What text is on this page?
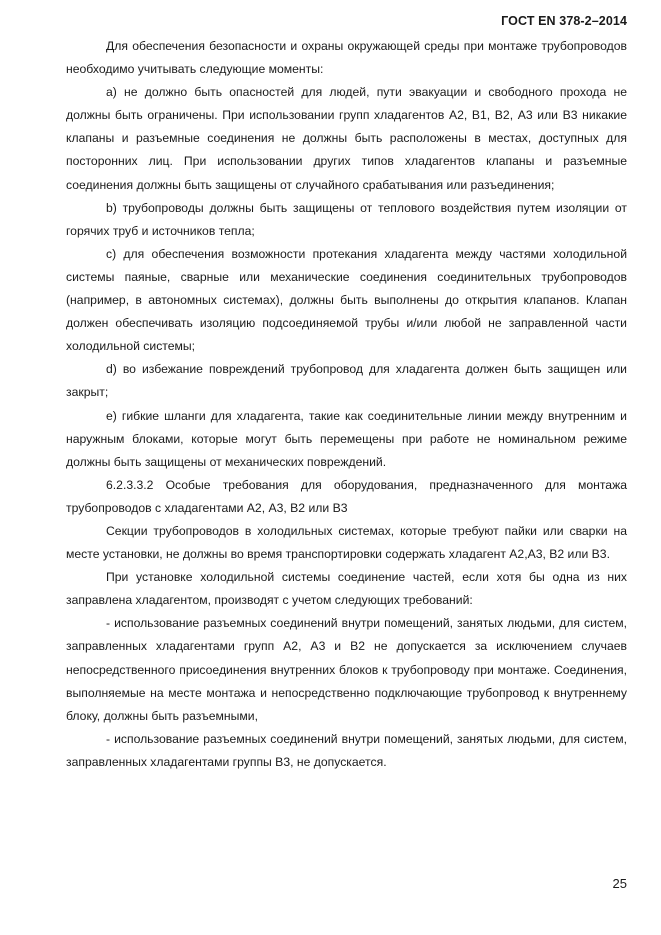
ГОСТ EN 378-2–2014

Для обеспечения безопасности и охраны окружающей среды при монтаже трубопроводов необходимо учитывать следующие моменты:

a) не должно быть опасностей для людей, пути эвакуации и свободного прохода не должны быть ограничены. При использовании групп хладагентов А2, В1, В2, А3 или В3 никакие клапаны и разъемные соединения не должны быть расположены в местах, доступных для посторонних лиц. При использовании других типов хладагентов клапаны и разъемные соединения должны быть защищены от случайного срабатывания или разъединения;

b) трубопроводы должны быть защищены от теплового воздействия путем изоляции от горячих труб и источников тепла;

c) для обеспечения возможности протекания хладагента между частями холодильной системы паяные, сварные или механические соединения соединительных трубопроводов (например, в автономных системах), должны быть выполнены до открытия клапанов. Клапан должен обеспечивать изоляцию подсоединяемой трубы и/или любой не заправленной части холодильной системы;

d) во избежание повреждений трубопровод для хладагента должен быть защищен или закрыт;

e) гибкие шланги для хладагента, такие как соединительные линии между внутренним и наружным блоками, которые могут быть перемещены при работе не номинальном режиме должны быть защищены от механических повреждений.

6.2.3.3.2 Особые требования для оборудования, предназначенного для монтажа трубопроводов с хладагентами А2, А3, В2 или В3

Секции трубопроводов в холодильных системах, которые требуют пайки или сварки на месте установки, не должны во время транспортировки содержать хладагент А2,А3, В2 или В3.

При установке холодильной системы соединение частей, если хотя бы одна из них заправлена хладагентом, производят с учетом следующих требований:

- использование разъемных соединений внутри помещений, занятых людьми, для систем, заправленных хладагентами групп А2, А3 и В2 не допускается за исключением случаев непосредственного присоединения внутренних блоков к трубопроводу при монтаже. Соединения, выполняемые на месте монтажа и непосредственно подключающие трубопровод к внутреннему блоку, должны быть разъемными,

- использование разъемных соединений внутри помещений, занятых людьми, для систем, заправленных хладагентами группы В3, не допускается.

25
